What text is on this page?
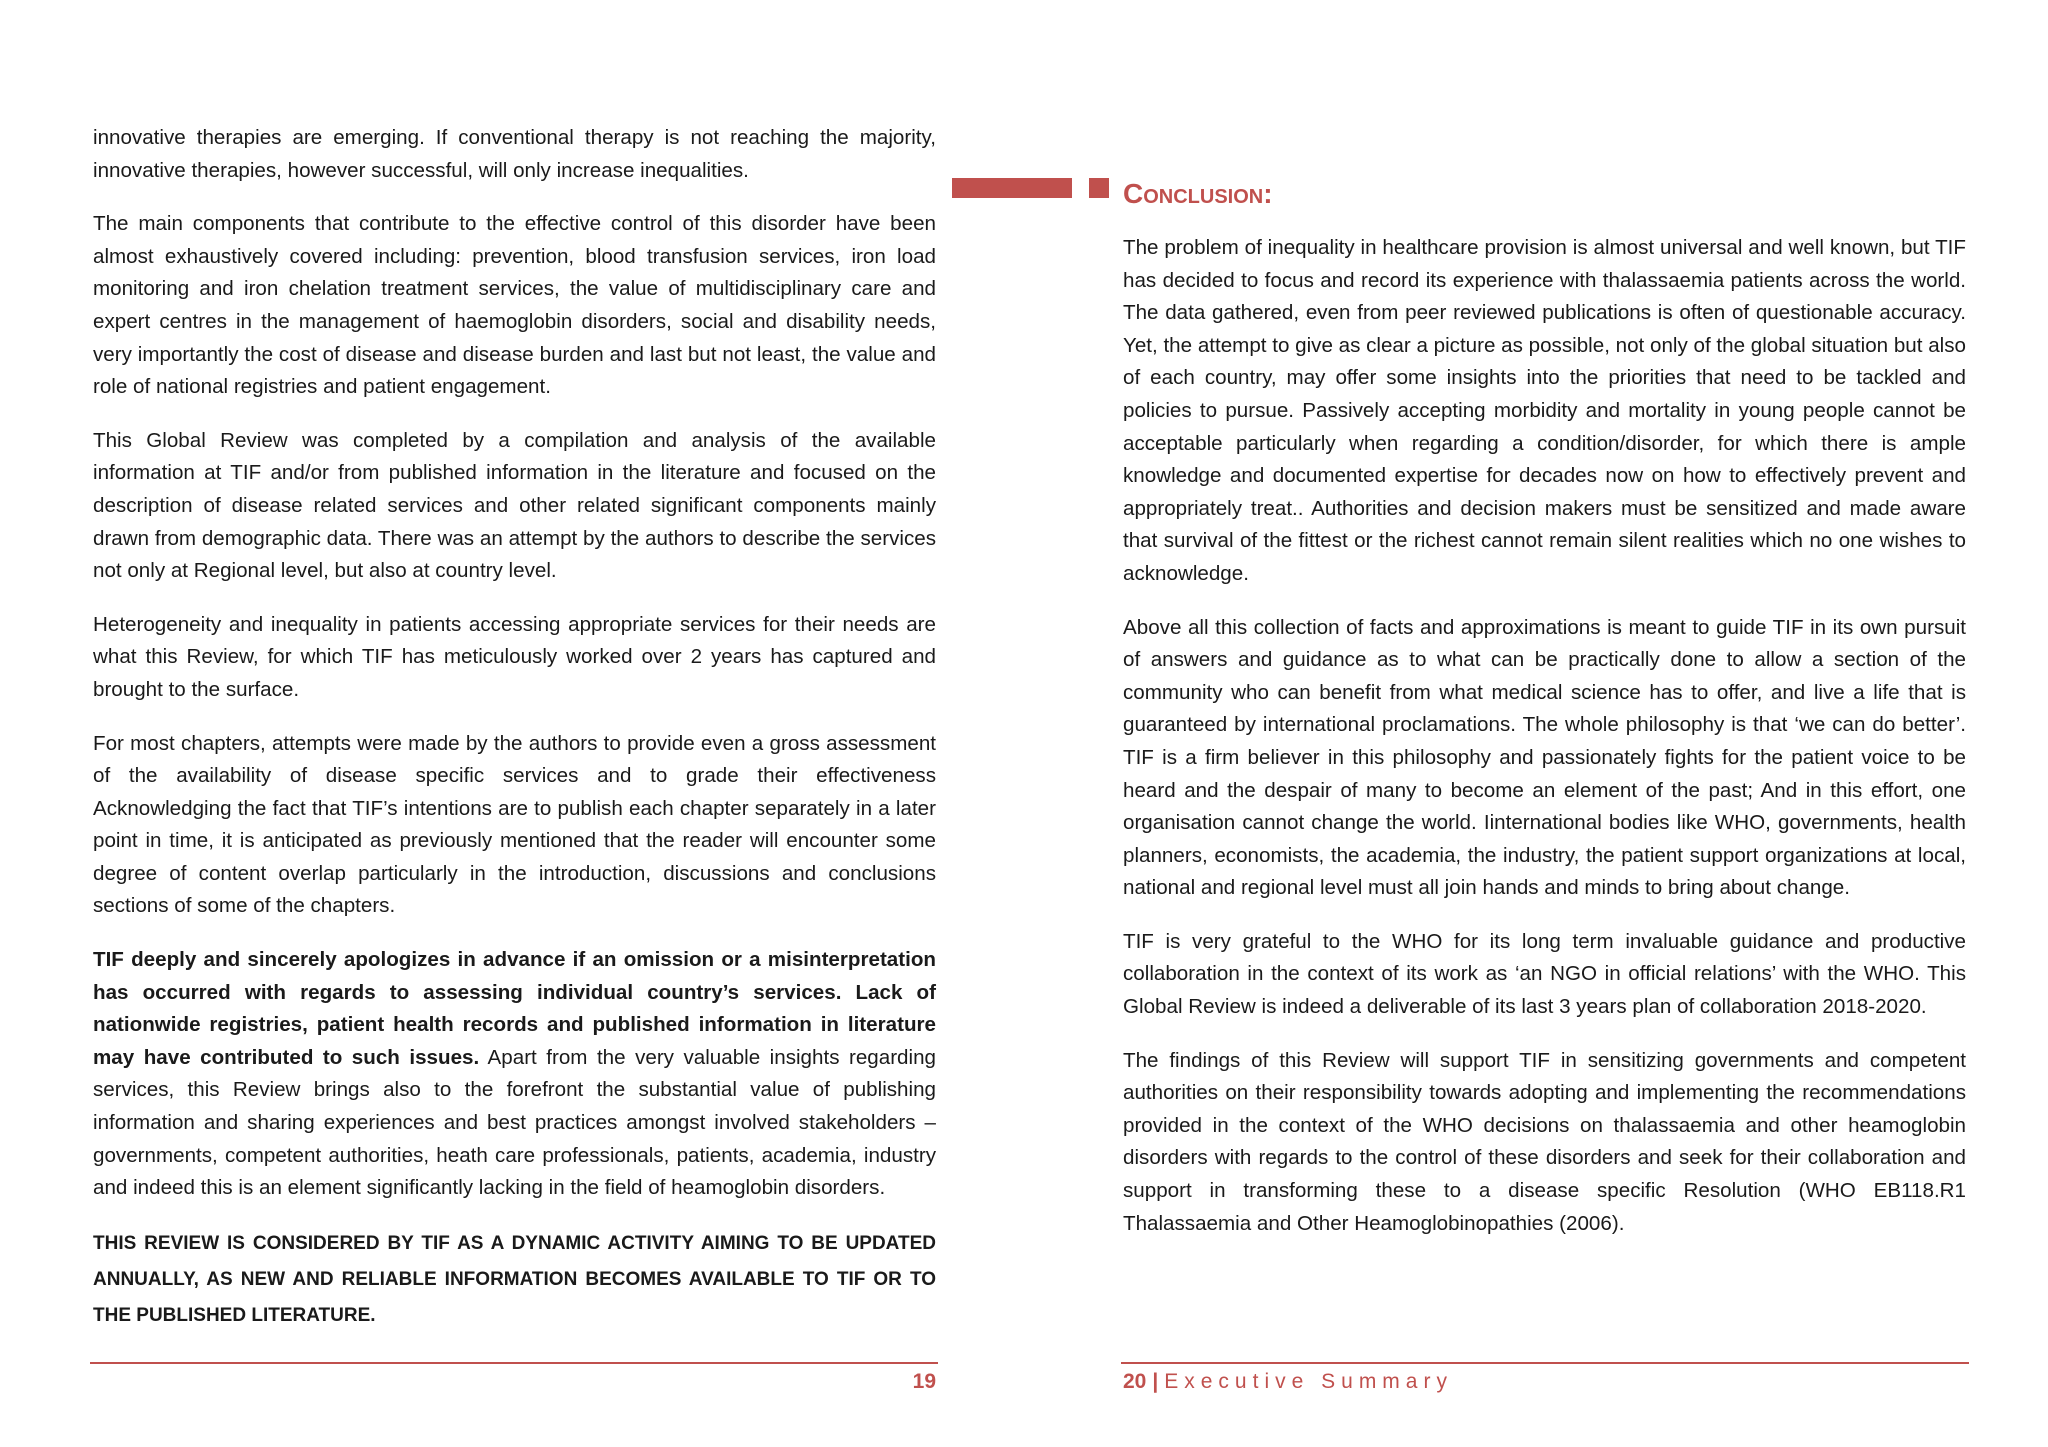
innovative therapies are emerging. If conventional therapy is not reaching the majority, innovative therapies, however successful, will only increase inequalities.

The main components that contribute to the effective control of this disorder have been almost exhaustively covered including: prevention, blood transfusion services, iron load monitoring and iron chelation treatment services, the value of multidisciplinary care and expert centres in the management of haemoglobin disorders, social and disability needs, very importantly the cost of disease and disease burden and last but not least, the value and role of national registries and patient engagement.

This Global Review was completed by a compilation and analysis of the available information at TIF and/or from published information in the literature and focused on the description of disease related services and other related significant components mainly drawn from demographic data. There was an attempt by the authors to describe the services not only at Regional level, but also at country level.

Heterogeneity and inequality in patients accessing appropriate services for their needs are what this Review, for which TIF has meticulously worked over 2 years has captured and brought to the surface.

For most chapters, attempts were made by the authors to provide even a gross assessment of the availability of disease specific services and to grade their effectiveness Acknowledging the fact that TIF’s intentions are to publish each chapter separately in a later point in time, it is anticipated as previously mentioned that the reader will encounter some degree of content overlap particularly in the introduction, discussions and conclusions sections of some of the chapters.

TIF deeply and sincerely apologizes in advance if an omission or a misinterpretation has occurred with regards to assessing individual country’s services. Lack of nationwide registries, patient health records and published information in literature may have contributed to such issues. Apart from the very valuable insights regarding services, this Review brings also to the forefront the substantial value of publishing information and sharing experiences and best practices amongst involved stakeholders – governments, competent authorities, heath care professionals, patients, academia, industry and indeed this is an element significantly lacking in the field of heamoglobin disorders.

THIS REVIEW IS CONSIDERED BY TIF AS A DYNAMIC ACTIVITY AIMING TO BE UPDATED ANNUALLY, AS NEW AND RELIABLE INFORMATION BECOMES AVAILABLE TO TIF OR TO THE PUBLISHED LITERATURE.

Conclusion:

The problem of inequality in healthcare provision is almost universal and well known, but TIF has decided to focus and record its experience with thalassaemia patients across the world. The data gathered, even from peer reviewed publications is often of questionable accuracy. Yet, the attempt to give as clear a picture as possible, not only of the global situation but also of each country, may offer some insights into the priorities that need to be tackled and policies to pursue. Passively accepting morbidity and mortality in young people cannot be acceptable particularly when regarding a condition/disorder, for which there is ample knowledge and documented expertise for decades now on how to effectively prevent and appropriately treat.. Authorities and decision makers must be sensitized and made aware that survival of the fittest or the richest cannot remain silent realities which no one wishes to acknowledge.

Above all this collection of facts and approximations is meant to guide TIF in its own pursuit of answers and guidance as to what can be practically done to allow a section of the community who can benefit from what medical science has to offer, and live a life that is guaranteed by international proclamations. The whole philosophy is that ‘we can do better’. TIF is a firm believer in this philosophy and passionately fights for the patient voice to be heard and the despair of many to become an element of the past; And in this effort, one organisation cannot change the world. Iinternational bodies like WHO, governments, health planners, economists, the academia, the industry, the patient support organizations at local, national and regional level must all join hands and minds to bring about change.

TIF is very grateful to the WHO for its long term invaluable guidance and productive collaboration in the context of its work as ‘an NGO in official relations’ with the WHO. This Global Review is indeed a deliverable of its last 3 years plan of collaboration 2018-2020.

The findings of this Review will support TIF in sensitizing governments and competent authorities on their responsibility towards adopting and implementing the recommendations provided in the context of the WHO decisions on thalassaemia and other heamoglobin disorders with regards to the control of these disorders and seek for their collaboration and support in transforming these to a disease specific Resolution (WHO EB118.R1 Thalassaemia and Other Heamoglobinopathies (2006).

19	20 | Executive Summary
